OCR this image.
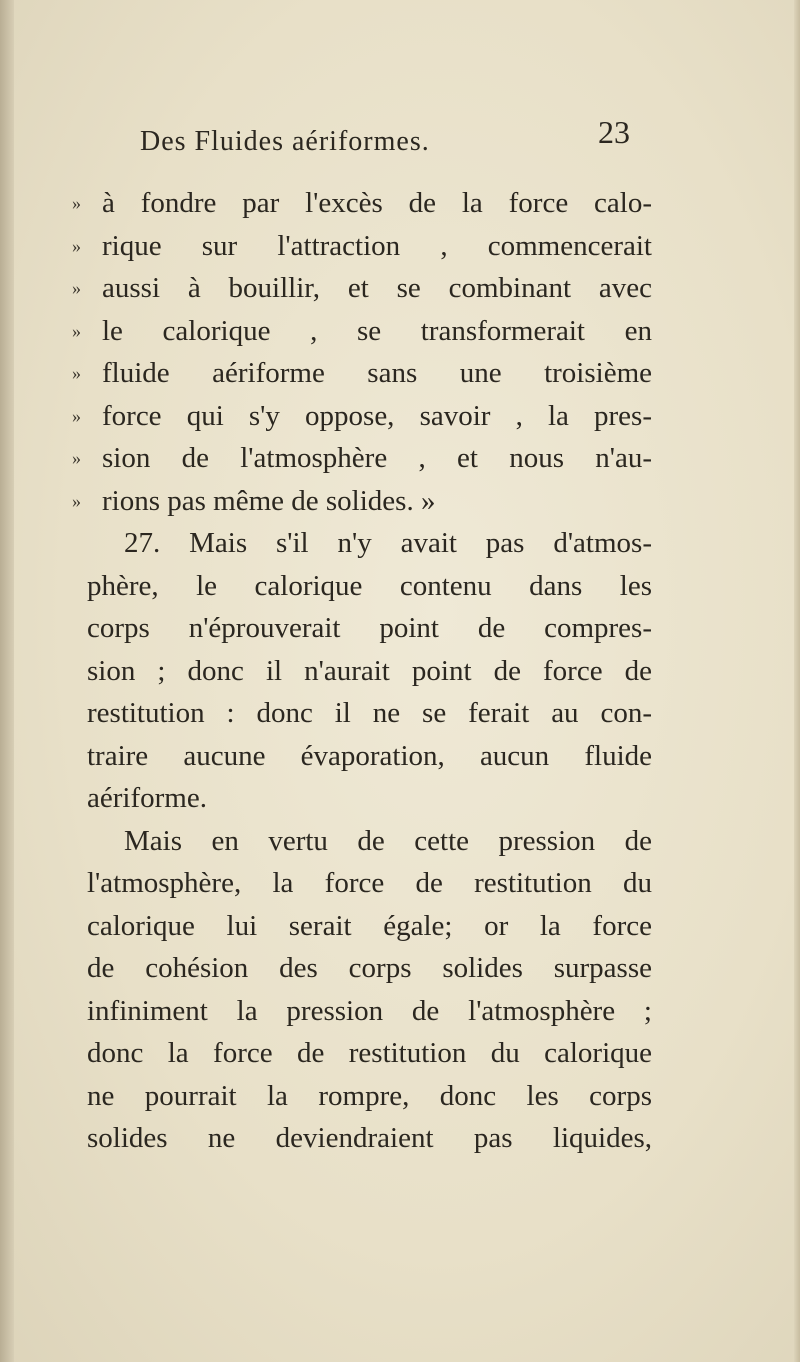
Des Fluides aériformes.	23
» à fondre par l'excès de la force calo-
» rique sur l'attraction , commencerait
» aussi à bouillir, et se combinant avec
» le calorique , se transformerait en
» fluide aériforme sans une troisième
» force qui s'y oppose, savoir , la pres-
» sion de l'atmosphère , et nous n'au-
» rions pas même de solides. »
27. Mais s'il n'y avait pas d'atmos-
phère, le calorique contenu dans les
corps n'éprouverait point de compres-
sion ; donc il n'aurait point de force de
restitution : donc il ne se ferait au con-
traire aucune évaporation, aucun fluide
aériforme.
Mais en vertu de cette pression de
l'atmosphère, la force de restitution du
calorique lui serait égale; or la force
de cohésion des corps solides surpasse
infiniment la pression de l'atmosphère ;
donc la force de restitution du calorique
ne pourrait la rompre, donc les corps
solides ne deviendraient pas liquides,
